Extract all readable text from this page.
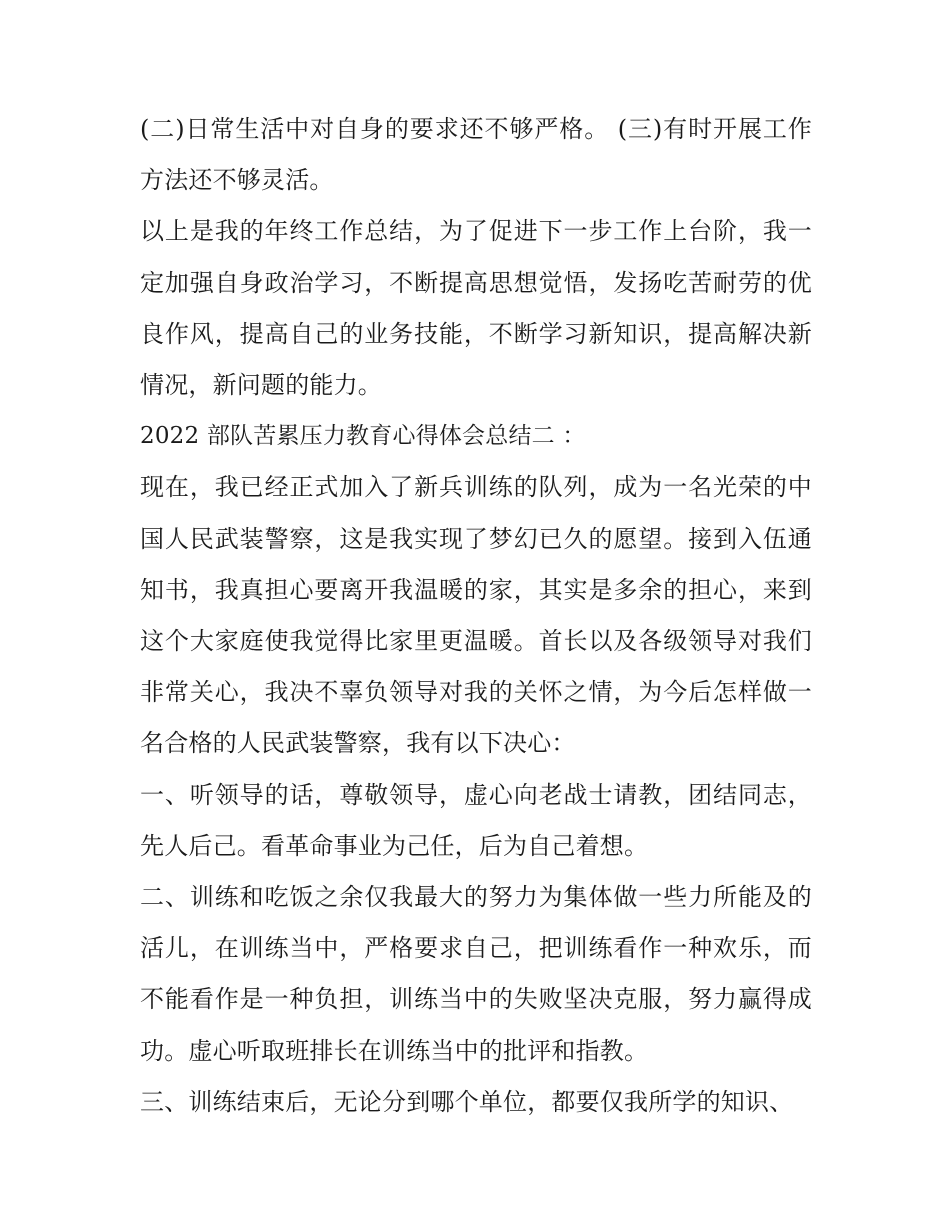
(二)日常生活中对自身的要求还不够严格。 (三)有时开展工作方法还不够灵活。

以上是我的年终工作总结，为了促进下一步工作上台阶，我一定加强自身政治学习，不断提高思想觉悟，发扬吃苦耐劳的优良作风，提高自己的业务技能，不断学习新知识，提高解决新情况，新问题的能力。

2022 部队苦累压力教育心得体会总结二 ：

现在，我已经正式加入了新兵训练的队列，成为一名光荣的中国人民武装警察，这是我实现了梦幻已久的愿望。接到入伍通知书，我真担心要离开我温暖的家，其实是多余的担心，来到这个大家庭使我觉得比家里更温暖。首长以及各级领导对我们非常关心，我决不辜负领导对我的关怀之情，为今后怎样做一名合格的人民武装警察，我有以下决心：

一、听领导的话，尊敬领导，虚心向老战士请教，团结同志，先人后己。看革命事业为己任，后为自己着想。

二、训练和吃饭之余仅我最大的努力为集体做一些力所能及的活儿，在训练当中，严格要求自己，把训练看作一种欢乐，而不能看作是一种负担，训练当中的失败坚决克服，努力赢得成功。虚心听取班排长在训练当中的批评和指教。

三、训练结束后，无论分到哪个单位，都要仅我所学的知识、
